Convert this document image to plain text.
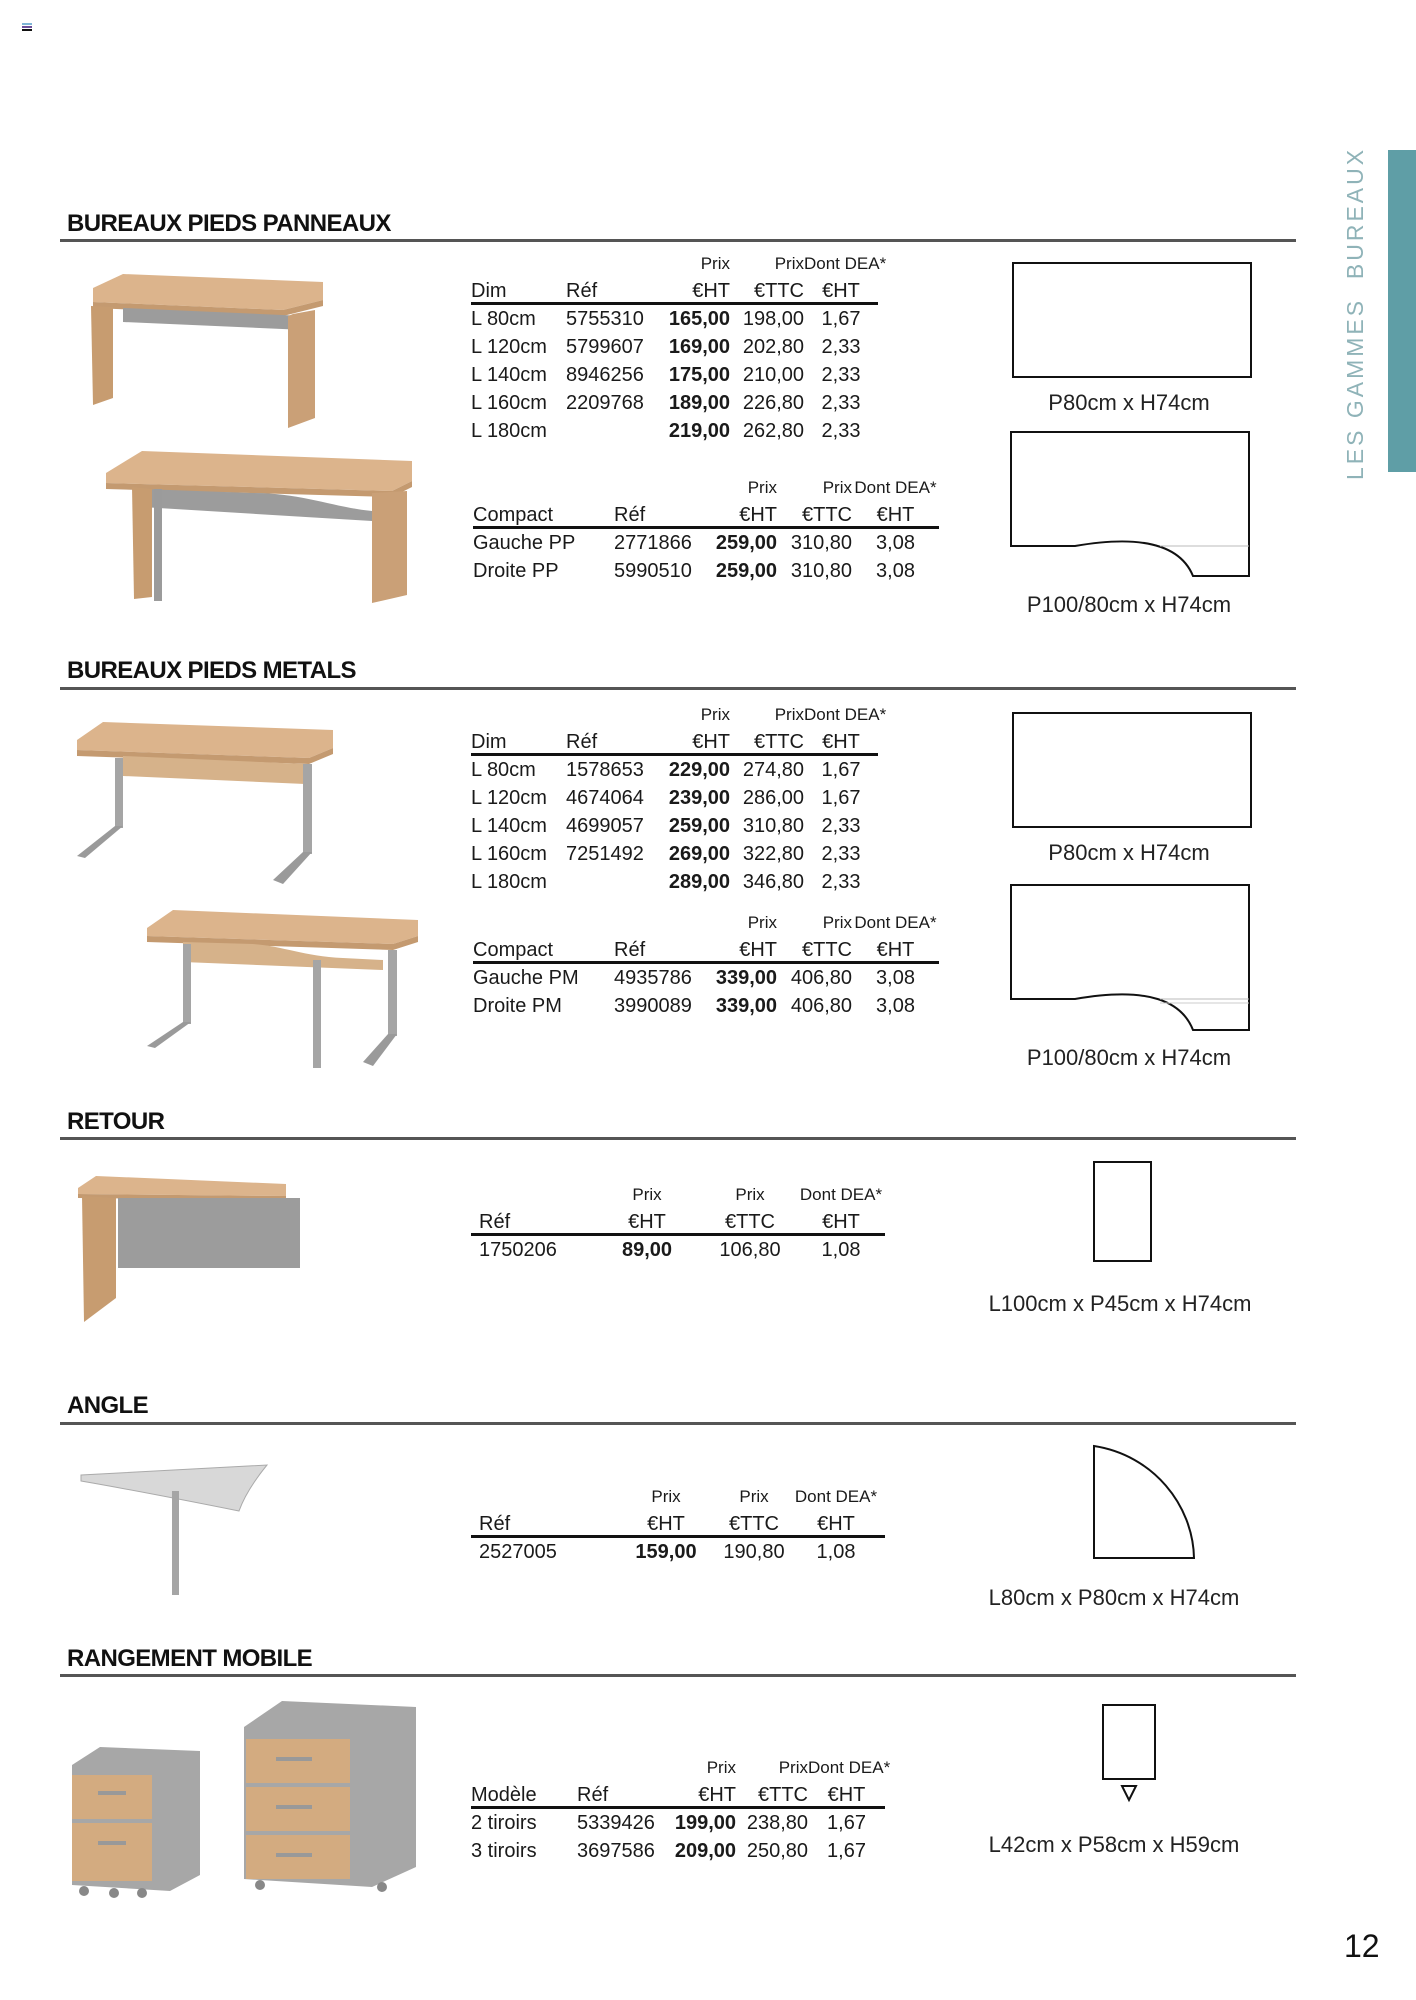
LES GAMMES  BUREAUX
BUREAUX PIEDS PANNEAUX
Prix	Prix Dont DEA*
Dim	Réf	€HT	€TTC €HT
L 80cm	5755310	165,00 198,00 1,67
L 120cm 5799607	169,00 202,80 2,33
L 140cm 8946256	175,00 210,00 2,33
L 160cm 2209768	189,00 226,80 2,33
L 180cm	219,00 262,80 2,33
Prix	Prix Dont DEA*
Compact	Réf	€HT	€TTC	€HT
Gauche PP	2771866	259,00 310,80	3,08
Droite PP	5990510	259,00 310,80	3,08
BUREAUX PIEDS METALS
Prix	Prix Dont DEA*
Dim	Réf	€HT	€TTC €HT
L 80cm	1578653	229,00 274,80 1,67
L 120cm 4674064	239,00 286,00 1,67
L 140cm 4699057	259,00 310,80 2,33
L 160cm 7251492	269,00 322,80 2,33
L 180cm	289,00 346,80 2,33
Prix	Prix Dont DEA*
Compact	Réf	€HT	€TTC	€HT
Gauche PM	4935786	339,00 406,80	3,08
Droite PM	3990089	339,00 406,80	3,08
RETOUR
Prix	Prix	Dont DEA*
Réf	€HT	€TTC	€HT
1750206	89,00	106,80	1,08
ANGLE
Prix	Prix	Dont DEA*
Réf	€HT	€TTC	€HT
2527005	159,00	190,80	1,08
RANGEMENT MOBILE
Prix	Prix Dont DEA*
Modèle	Réf	€HT	€TTC €HT
2 tiroirs	5339426 199,00 238,80 1,67
3 tiroirs	3697586 209,00 250,80 1,67
P80cm x H74cm
P100/80cm x H74cm
P80cm x H74cm
P100/80cm x H74cm
L100cm x P45cm x H74cm
L80cm x P80cm x H74cm
L42cm x P58cm x H59cm
12
